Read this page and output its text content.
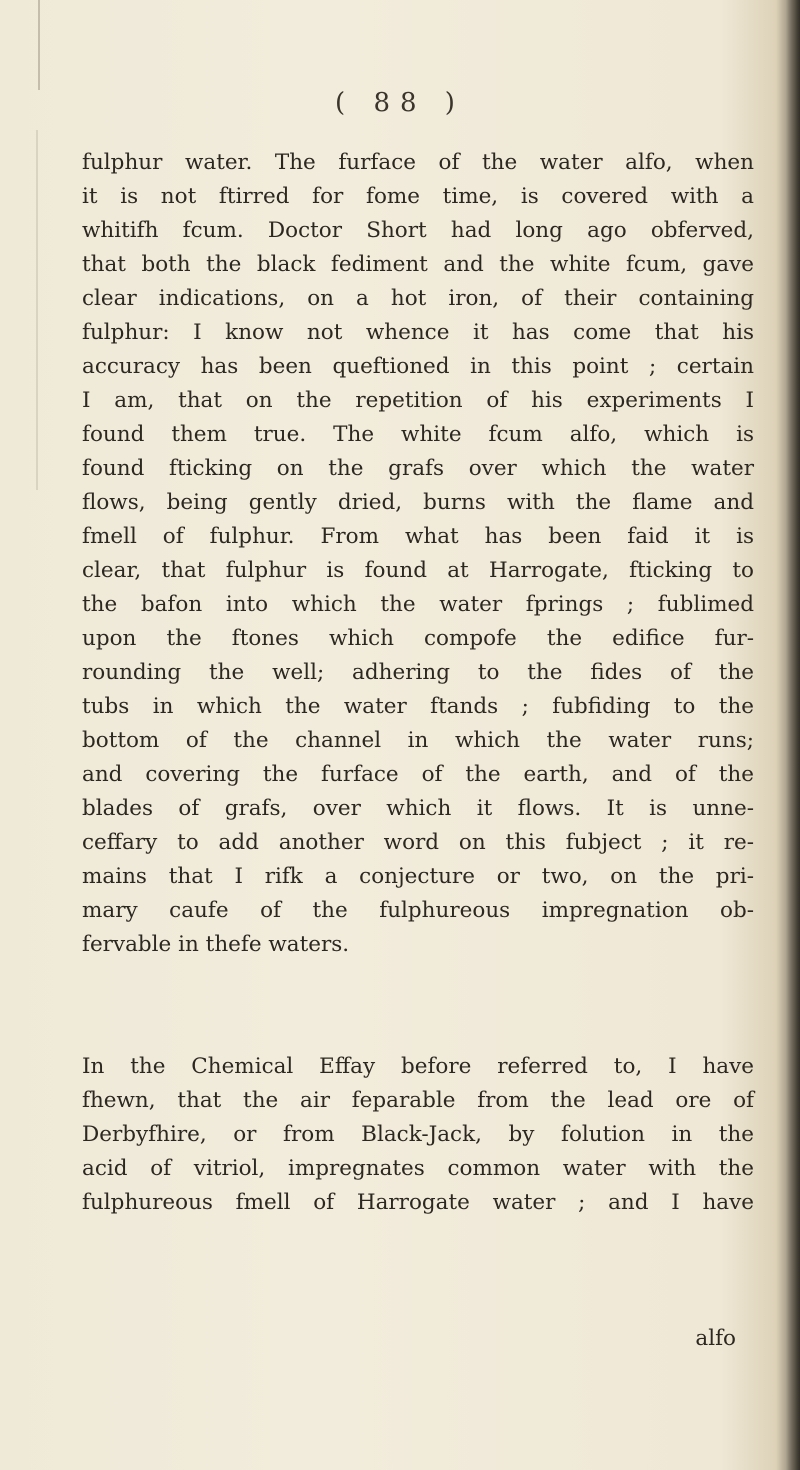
( 88 )
fulphur water. The furface of the water alfo, when
it is not ftirred for fome time, is covered with a
whitifh fcum. Doctor Short had long ago obferved,
that both the black fediment and the white fcum, gave
clear indications, on a hot iron, of their containing
fulphur: I know not whence it has come that his
accuracy has been queftioned in this point ; certain
I am, that on the repetition of his experiments I
found them true. The white fcum alfo, which is
found fticking on the grafs over which the water
flows, being gently dried, burns with the flame and
fmell of fulphur. From what has been faid it is
clear, that fulphur is found at Harrogate, fticking to
the bafon into which the water fprings ; fublimed
upon the ftones which compofe the edifice fur-
rounding the well; adhering to the fides of the
tubs in which the water ftands ; fubfiding to the
bottom of the channel in which the water runs;
and covering the furface of the earth, and of the
blades of grafs, over which it flows. It is unne-
ceffary to add another word on this fubject ; it re-
mains that I rifk a conjecture or two, on the pri-
mary caufe of the fulphureous impregnation ob-
fervable in thefe waters.
In the Chemical Effay before referred to, I have
fhewn, that the air feparable from the lead ore of
Derbyfhire, or from Black-Jack, by folution in the
acid of vitriol, impregnates common water with the
fulphureous fmell of Harrogate water ; and I have
alfo
